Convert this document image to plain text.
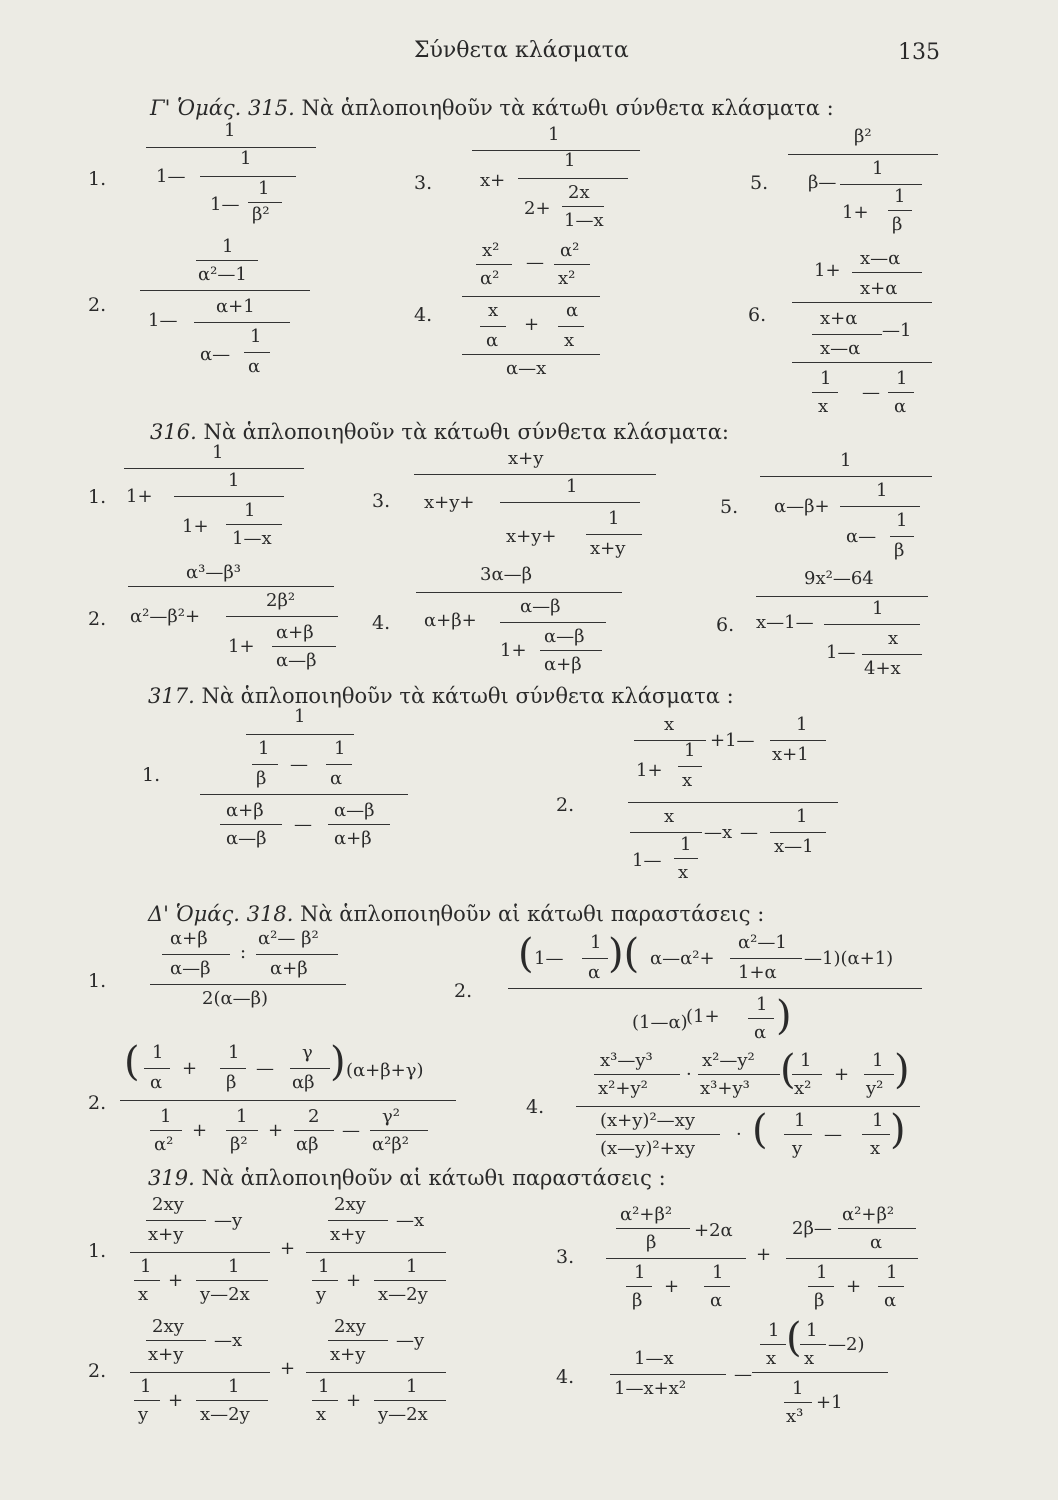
Σύνθετα κλάσματα	135
Γ' Ὁμάς. 315. Νὰ ἁπλοποιηθοῦν τὰ κάτωθι σύνθετα κλάσματα :
1.
1
1—
1
1—
1
β²
3.
1
x+
1
2+
2x
1—x
5.
β²
β—
1
1+
1
β
2.
1
α²—1
1—
α+1
α—
1
α
4.
x²
α²
—
α²
x²
x
α
+
α
x
α—x
6.
1+
x—α
x+α
x+α
x—α
—1
1
x
—
1
α
316. Νὰ ἁπλοποιηθοῦν τὰ κάτωθι σύνθετα κλάσματα:
1.
1
1+
1
1+
1
1—x
3.
x+y
x+y+
1
x+y+
1
x+y
5.
1
α—β+
1
α—
1
β
2.
α³—β³
α²—β²+
2β²
1+
α+β
α—β
4.
3α—β
α+β+
α—β
1+
α—β
α+β
6.
9x²—64
x—1—
1
1—
x
4+x
317. Νὰ ἁπλοποιηθοῦν τὰ κάτωθι σύνθετα κλάσματα :
1.
1
1
β
—
1
α
α+β
α—β
—
α—β
α+β
2.
x
1+
1
x
+1—
1
x+1
x
1—
1
x
—x —
1
x—1
Δ' Ὁμάς. 318. Νὰ ἁπλοποιηθοῦν αἱ κάτωθι παραστάσεις :
1.
α+β
α—β
:
α²— β²
α+β
2(α—β)	2.
( 1—
1
α )( α—α²+
α²—1
1+α
—1)(α+1)
(1—α)
(1+
1
α )
2.
( 1
α
+
1
β
—
γ
αβ ) (α+β+γ)
1
α²
+
1
β²
+
2
αβ
—
γ²
α²β²
4.
x³—y³
x²+y²
·
x²—y²
x³+y³ ( 1
x²
+
1
y² )
(x+y)²—xy
(x—y)²+xy
· ( 1
y
—
1
x )
319. Νὰ ἁπλοποιηθοῦν αἱ κάτωθι παραστάσεις :
1.
2xy
x+y
—y
1
x
+
1
y—2x
+
2xy
x+y
—x
1
y
+
1
x—2y
3.
α²+β²
β
+2α
1
β
+
1
α
+
2β—
α²+β²
α
1
β
+
1
α
2.
2xy
x+y
—x
1
y
+
1
x—2y
+
2xy
x+y
—y
1
x
+
1
y—2x
4.
1—x
1—x+x²
—
1
x ( 1
x
—2)
1
x³
+1
